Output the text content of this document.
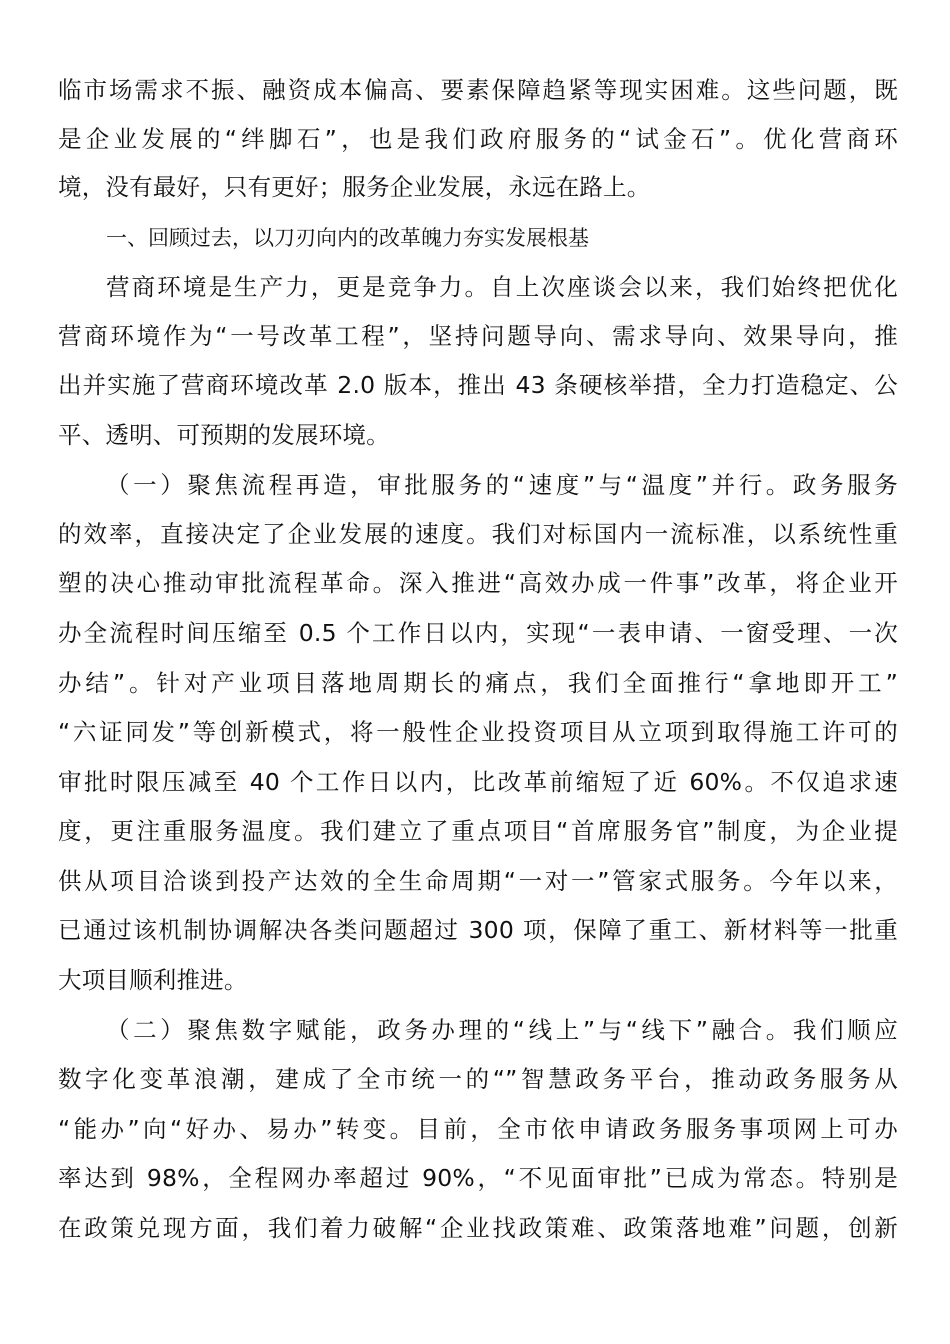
临市场需求不振、融资成本偏高、要素保障趋紧等现实困难。这些问题，既
是企业发展的“绊脚石”，也是我们政府服务的“试金石”。优化营商环
境，没有最好，只有更好；服务企业发展，永远在路上。
一、回顾过去，以刀刃向内的改革魄力夯实发展根基
营商环境是生产力，更是竞争力。自上次座谈会以来，我们始终把优化
营商环境作为“一号改革工程”，坚持问题导向、需求导向、效果导向，推
出并实施了营商环境改革 2.0 版本，推出 43 条硬核举措，全力打造稳定、公
平、透明、可预期的发展环境。
（一）聚焦流程再造，审批服务的“速度”与“温度”并行。政务服务
的效率，直接决定了企业发展的速度。我们对标国内一流标准，以系统性重
塑的决心推动审批流程革命。深入推进“高效办成一件事”改革，将企业开
办全流程时间压缩至 0.5 个工作日以内，实现“一表申请、一窗受理、一次
办结”。针对产业项目落地周期长的痛点，我们全面推行“拿地即开工”
“六证同发”等创新模式，将一般性企业投资项目从立项到取得施工许可的
审批时限压减至 40 个工作日以内，比改革前缩短了近 60%。不仅追求速
度，更注重服务温度。我们建立了重点项目“首席服务官”制度，为企业提
供从项目洽谈到投产达效的全生命周期“一对一”管家式服务。今年以来，
已通过该机制协调解决各类问题超过 300 项，保障了重工、新材料等一批重
大项目顺利推进。
（二）聚焦数字赋能，政务办理的“线上”与“线下”融合。我们顺应
数字化变革浪潮，建成了全市统一的“”智慧政务平台，推动政务服务从
“能办”向“好办、易办”转变。目前，全市依申请政务服务事项网上可办
率达到 98%，全程网办率超过 90%，“不见面审批”已成为常态。特别是
在政策兑现方面，我们着力破解“企业找政策难、政策落地难”问题，创新
